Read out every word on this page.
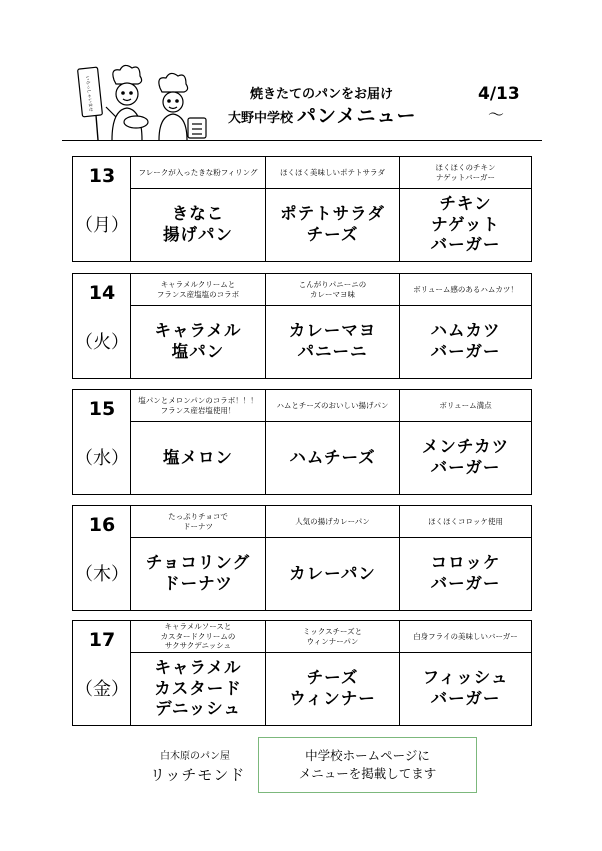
いらっしゃいませ	焼きたてのパンをお届け
大野中学校 パンメニュー
4/13
～
13
（月）
フレークが入ったきな粉フィリング
きなこ
揚げパン
ほくほく美味しいポテトサラダ
ポテトサラダ
チーズ
ほくほくのチキン
ナゲットバーガー
チキン
ナゲット
バーガー
14
（火）
キャラメルクリームと
フランス産塩塩のコラボ
キャラメル
塩パン
こんがりパニーニの
カレーマヨ味
カレーマヨ
パニーニ
ボリューム感のあるハムカツ！
ハムカツ
バーガー
15
（水）
塩パンとメロンパンのコラボ！！！
フランス産岩塩使用！
塩メロン
ハムとチーズのおいしい揚げパン
ハムチーズ
ボリューム満点
メンチカツ
バーガー
16
（木）
たっぷりチョコで
ドーナツ
チョコリング
ドーナツ
人気の揚げカレーパン
カレーパン
ほくほくコロッケ使用
コロッケ
バーガー
17
（金）
キャラメルソースと
カスタードクリームの
サクサクデニッシュ
キャラメル
カスタード
デニッシュ
ミックスチーズと
ウィンナーパン
チーズ
ウィンナー
白身フライの美味しいバーガー
フィッシュ
バーガー
白木原のパン屋
リッチモンド
中学校ホームページに
メニューを掲載してます
